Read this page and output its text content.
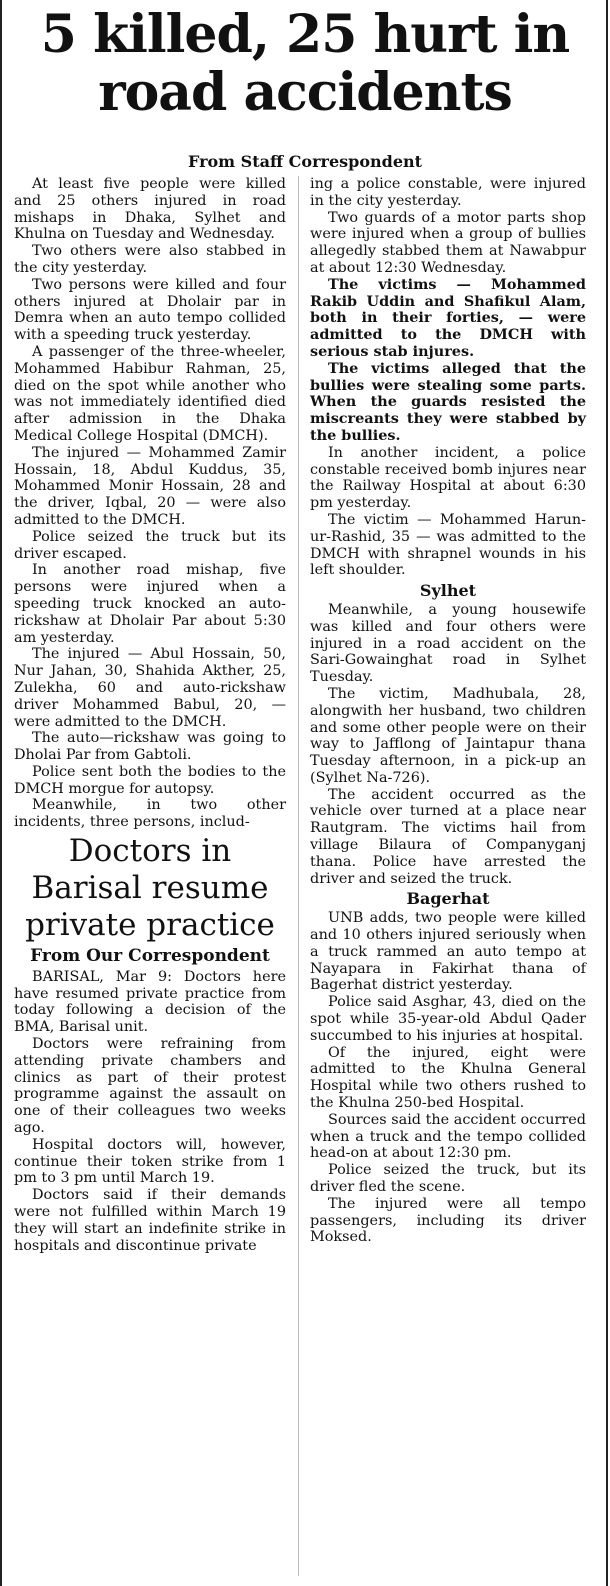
5 killed, 25 hurt in road accidents
From Staff Correspondent

At least five people were killed and 25 others injured in road mishaps in Dhaka, Sylhet and Khulna on Tuesday and Wednesday.

Two others were also stabbed in the city yesterday.

Two persons were killed and four others injured at Dholair par in Demra when an auto tempo collided with a speeding truck yesterday.

A passenger of the three-wheeler, Mohammed Habibur Rahman, 25, died on the spot while another who was not immediately identified died after admission in the Dhaka Medical College Hospital (DMCH).

The injured — Mohammed Zamir Hossain, 18, Abdul Kuddus, 35, Mohammed Monir Hossain, 28 and the driver, Iqbal, 20 — were also admitted to the DMCH.

Police seized the truck but its driver escaped.

In another road mishap, five persons were injured when a speeding truck knocked an auto-rickshaw at Dholair Par about 5:30 am yesterday.

The injured — Abul Hossain, 50, Nur Jahan, 30, Shahida Akther, 25, Zulekha, 60 and auto-rickshaw driver Mohammed Babul, 20, — were admitted to the DMCH.

The auto—rickshaw was going to Dholai Par from Gabtoli.

Police sent both the bodies to the DMCH morgue for autopsy.

Meanwhile, in two other incidents, three persons, includ-

Doctors in Barisal resume private practice
From Our Correspondent

BARISAL, Mar 9: Doctors here have resumed private practice from today following a decision of the BMA, Barisal unit.

Doctors were refraining from attending private chambers and clinics as part of their protest programme against the assault on one of their colleagues two weeks ago.

Hospital doctors will, however, continue their token strike from 1 pm to 3 pm until March 19.

Doctors said if their demands were not fulfilled within March 19 they will start an indefinite strike in hospitals and discontinue private

ing a police constable, were injured in the city yesterday.

Two guards of a motor parts shop were injured when a group of bullies allegedly stabbed them at Nawabpur at about 12:30 Wednesday.

The victims — Mohammed Rakib Uddin and Shafikul Alam, both in their forties, — were admitted to the DMCH with serious stab injures.

The victims alleged that the bullies were stealing some parts. When the guards resisted the miscreants they were stabbed by the bullies.

In another incident, a police constable received bomb injures near the Railway Hospital at about 6:30 pm yesterday.

The victim — Mohammed Harun-ur-Rashid, 35 — was admitted to the DMCH with shrapnel wounds in his left shoulder.

Sylhet

Meanwhile, a young housewife was killed and four others were injured in a road accident on the Sari-Gowainghat road in Sylhet Tuesday.

The victim, Madhubala, 28, alongwith her husband, two children and some other people were on their way to Jafflong of Jaintapur thana Tuesday afternoon, in a pick-up an (Sylhet Na-726).

The accident occurred as the vehicle over turned at a place near Rautgram. The victims hail from village Bilaura of Companyganj thana. Police have arrested the driver and seized the truck.

Bagerhat

UNB adds, two people were killed and 10 others injured seriously when a truck rammed an auto tempo at Nayapara in Fakirhat thana of Bagerhat district yesterday.

Police said Asghar, 43, died on the spot while 35-year-old Abdul Qader succumbed to his injuries at hospital.

Of the injured, eight were admitted to the Khulna General Hospital while two others rushed to the Khulna 250-bed Hospital.

Sources said the accident occurred when a truck and the tempo collided head-on at about 12:30 pm.

Police seized the truck, but its driver fled the scene.

The injured were all tempo passengers, including its driver Moksed.
